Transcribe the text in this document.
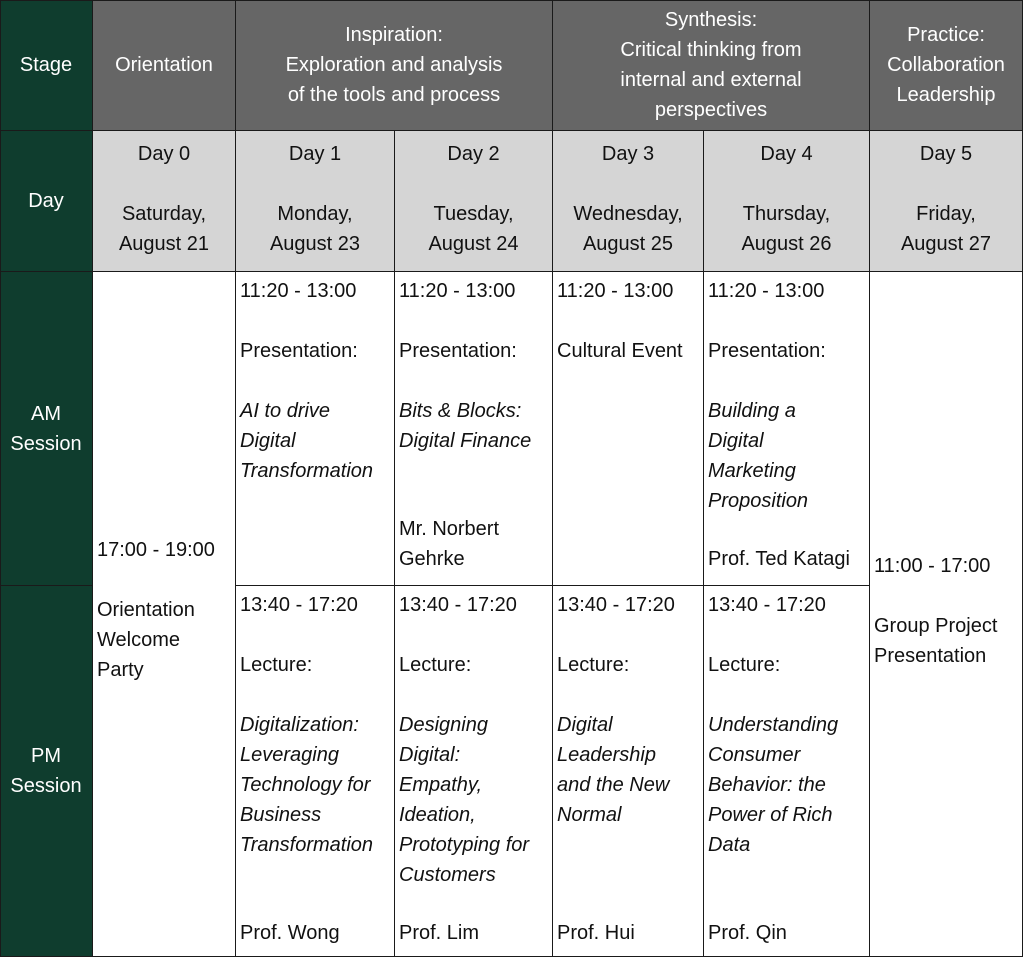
Stage
Day
AM
Session
PM
Session
Orientation
Inspiration:
Exploration and analysis
of the tools and process
Synthesis:
Critical thinking from
internal and external
perspectives
Practice:
Collaboration
Leadership
Day 0
Saturday,
August 21
Day 1
Monday,
August 23
Day 2
Tuesday,
August 24
Day 3
Wednesday,
August 25
Day 4
Thursday,
August 26
Day 5
Friday,
August 27
17:00 - 19:00
Orientation
Welcome
Party
11:20 - 13:00
Presentation:
AI to drive
Digital
Transformation
11:20 - 13:00
Presentation:
Bits & Blocks:
Digital Finance
Mr. Norbert
Gehrke
11:20 - 13:00
Cultural Event
11:20 - 13:00
Presentation:
Building a
Digital
Marketing
Proposition
Prof. Ted Katagi
13:40 - 17:20
Lecture:
Digitalization:
Leveraging
Technology for
Business
Transformation
Prof. Wong
13:40 - 17:20
Lecture:
Designing
Digital:
Empathy,
Ideation,
Prototyping for
Customers
Prof. Lim
13:40 - 17:20
Lecture:
Digital
Leadership
and the New
Normal
Prof. Hui
13:40 - 17:20
Lecture:
Understanding
Consumer
Behavior: the
Power of Rich
Data
Prof. Qin
11:00 - 17:00
Group Project
Presentation
